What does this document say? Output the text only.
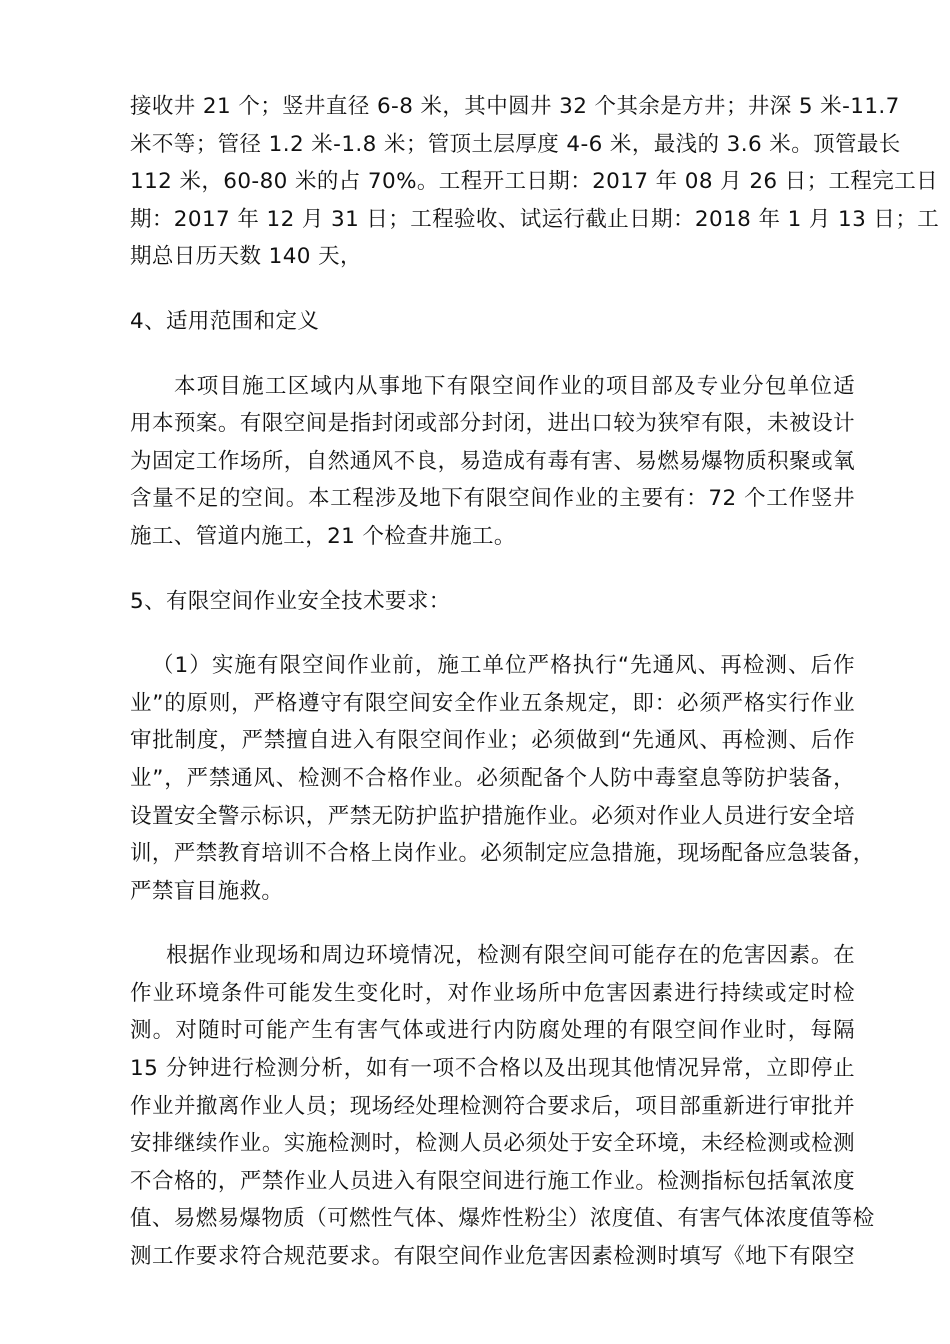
接收井 21 个；竖井直径 6-8 米，其中圆井 32 个其余是方井；井深 5 米-11.7
米不等；管径 1.2 米-1.8 米；管顶土层厚度 4-6 米，最浅的 3.6 米。顶管最长
112 米，60-80 米的占 70%。工程开工日期：2017 年 08 月 26 日；工程完工日
期：2017 年 12 月 31 日；工程验收、试运行截止日期：2018 年 1 月 13 日；工
期总日历天数 140 天，

4、适用范围和定义

本项目施工区域内从事地下有限空间作业的项目部及专业分包单位适
用本预案。有限空间是指封闭或部分封闭，进出口较为狭窄有限，未被设计
为固定工作场所，自然通风不良，易造成有毒有害、易燃易爆物质积聚或氧
含量不足的空间。本工程涉及地下有限空间作业的主要有：72 个工作竖井
施工、管道内施工，21 个检查井施工。

5、有限空间作业安全技术要求：

（1）实施有限空间作业前，施工单位严格执行“先通风、再检测、后作
业”的原则，严格遵守有限空间安全作业五条规定，即：必须严格实行作业
审批制度，严禁擅自进入有限空间作业；必须做到“先通风、再检测、后作
业”，严禁通风、检测不合格作业。必须配备个人防中毒窒息等防护装备，
设置安全警示标识，严禁无防护监护措施作业。必须对作业人员进行安全培
训，严禁教育培训不合格上岗作业。必须制定应急措施，现场配备应急装备，
严禁盲目施救。

根据作业现场和周边环境情况，检测有限空间可能存在的危害因素。在
作业环境条件可能发生变化时，对作业场所中危害因素进行持续或定时检
测。对随时可能产生有害气体或进行内防腐处理的有限空间作业时，每隔
15 分钟进行检测分析，如有一项不合格以及出现其他情况异常，立即停止
作业并撤离作业人员；现场经处理检测符合要求后，项目部重新进行审批并
安排继续作业。实施检测时，检测人员必须处于安全环境，未经检测或检测
不合格的，严禁作业人员进入有限空间进行施工作业。检测指标包括氧浓度
值、易燃易爆物质（可燃性气体、爆炸性粉尘）浓度值、有害气体浓度值等检
测工作要求符合规范要求。有限空间作业危害因素检测时填写《地下有限空
